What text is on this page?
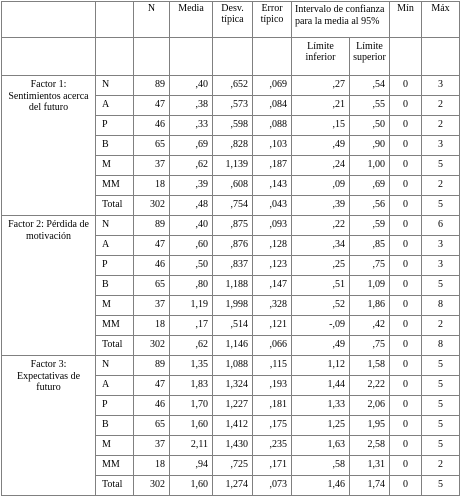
		N	Media	Desv. típica	Error típico	Intervalo de confianza para la media al 95%		Mín	Máx
						Límite inferior	Límite superior		
Factor 1: Sentimientos acerca del futuro	N	89	,40	,652	,069	,27	,54	0	3
	A	47	,38	,573	,084	,21	,55	0	2
	P	46	,33	,598	,088	,15	,50	0	2
	B	65	,69	,828	,103	,49	,90	0	3
	M	37	,62	1,139	,187	,24	1,00	0	5
	MM	18	,39	,608	,143	,09	,69	0	2
	Total	302	,48	,754	,043	,39	,56	0	5
Factor 2: Pérdida de motivación	N	89	,40	,875	,093	,22	,59	0	6
	A	47	,60	,876	,128	,34	,85	0	3
	P	46	,50	,837	,123	,25	,75	0	3
	B	65	,80	1,188	,147	,51	1,09	0	5
	M	37	1,19	1,998	,328	,52	1,86	0	8
	MM	18	,17	,514	,121	-,09	,42	0	2
	Total	302	,62	1,146	,066	,49	,75	0	8
Factor 3: Expectativas de futuro	N	89	1,35	1,088	,115	1,12	1,58	0	5
	A	47	1,83	1,324	,193	1,44	2,22	0	5
	P	46	1,70	1,227	,181	1,33	2,06	0	5
	B	65	1,60	1,412	,175	1,25	1,95	0	5
	M	37	2,11	1,430	,235	1,63	2,58	0	5
	MM	18	,94	,725	,171	,58	1,31	0	2
	Total	302	1,60	1,274	,073	1,46	1,74	0	5
